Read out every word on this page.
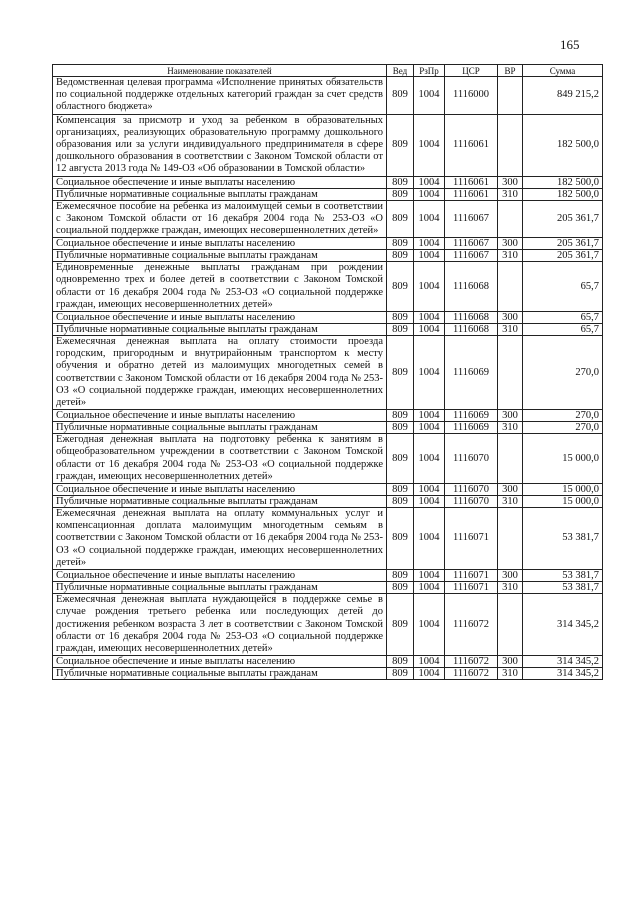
165
Наименование показателей	Вед	РзПр	ЦСР	ВР	Сумма
Ведомственная целевая программа «Исполнение принятых обязательств по социальной поддержке отдельных категорий граждан за счет средств областного бюджета»	809	1004	1116000		849 215,2
Компенсация за присмотр и уход за ребенком в образовательных организациях, реализующих образовательную программу дошкольного образования или за услуги индивидуального предпринимателя в сфере дошкольного образования в соответствии с Законом Томской области от 12 августа 2013 года № 149-ОЗ «Об образовании в Томской области»	809	1004	1116061		182 500,0
Социальное обеспечение и иные выплаты населению	809	1004	1116061	300	182 500,0
Публичные нормативные социальные выплаты гражданам	809	1004	1116061	310	182 500,0
Ежемесячное пособие на ребенка из малоимущей семьи в соответствии с Законом Томской области от 16 декабря 2004 года № 253-ОЗ «О социальной поддержке граждан, имеющих несовершеннолетних детей»	809	1004	1116067		205 361,7
Социальное обеспечение и иные выплаты населению	809	1004	1116067	300	205 361,7
Публичные нормативные социальные выплаты гражданам	809	1004	1116067	310	205 361,7
Единовременные денежные выплаты гражданам при рождении одновременно трех и более детей в соответствии с Законом Томской области от 16 декабря 2004 года № 253-ОЗ «О социальной поддержке граждан, имеющих несовершеннолетних детей»	809	1004	1116068		65,7
Социальное обеспечение и иные выплаты населению	809	1004	1116068	300	65,7
Публичные нормативные социальные выплаты гражданам	809	1004	1116068	310	65,7
Ежемесячная денежная выплата на оплату стоимости проезда городским, пригородным и внутрирайонным транспортом к месту обучения и обратно детей из малоимущих многодетных семей в соответствии с Законом Томской области от 16 декабря 2004 года № 253-ОЗ «О социальной поддержке граждан, имеющих несовершеннолетних детей»	809	1004	1116069		270,0
Социальное обеспечение и иные выплаты населению	809	1004	1116069	300	270,0
Публичные нормативные социальные выплаты гражданам	809	1004	1116069	310	270,0
Ежегодная денежная выплата на подготовку ребенка к занятиям в общеобразовательном учреждении в соответствии с Законом Томской области от 16 декабря 2004 года № 253-ОЗ «О социальной поддержке граждан, имеющих несовершеннолетних детей»	809	1004	1116070		15 000,0
Социальное обеспечение и иные выплаты населению	809	1004	1116070	300	15 000,0
Публичные нормативные социальные выплаты гражданам	809	1004	1116070	310	15 000,0
Ежемесячная денежная выплата на оплату коммунальных услуг и компенсационная доплата малоимущим многодетным семьям в соответствии с Законом Томской области от 16 декабря 2004 года № 253-ОЗ «О социальной поддержке граждан, имеющих несовершеннолетних детей»	809	1004	1116071		53 381,7
Социальное обеспечение и иные выплаты населению	809	1004	1116071	300	53 381,7
Публичные нормативные социальные выплаты гражданам	809	1004	1116071	310	53 381,7
Ежемесячная денежная выплата нуждающейся в поддержке семье в случае рождения третьего ребенка или последующих детей до достижения ребенком возраста 3 лет в соответствии с Законом Томской области от 16 декабря 2004 года № 253-ОЗ «О социальной поддержке граждан, имеющих несовершеннолетних детей»	809	1004	1116072		314 345,2
Социальное обеспечение и иные выплаты населению	809	1004	1116072	300	314 345,2
Публичные нормативные социальные выплаты гражданам	809	1004	1116072	310	314 345,2
